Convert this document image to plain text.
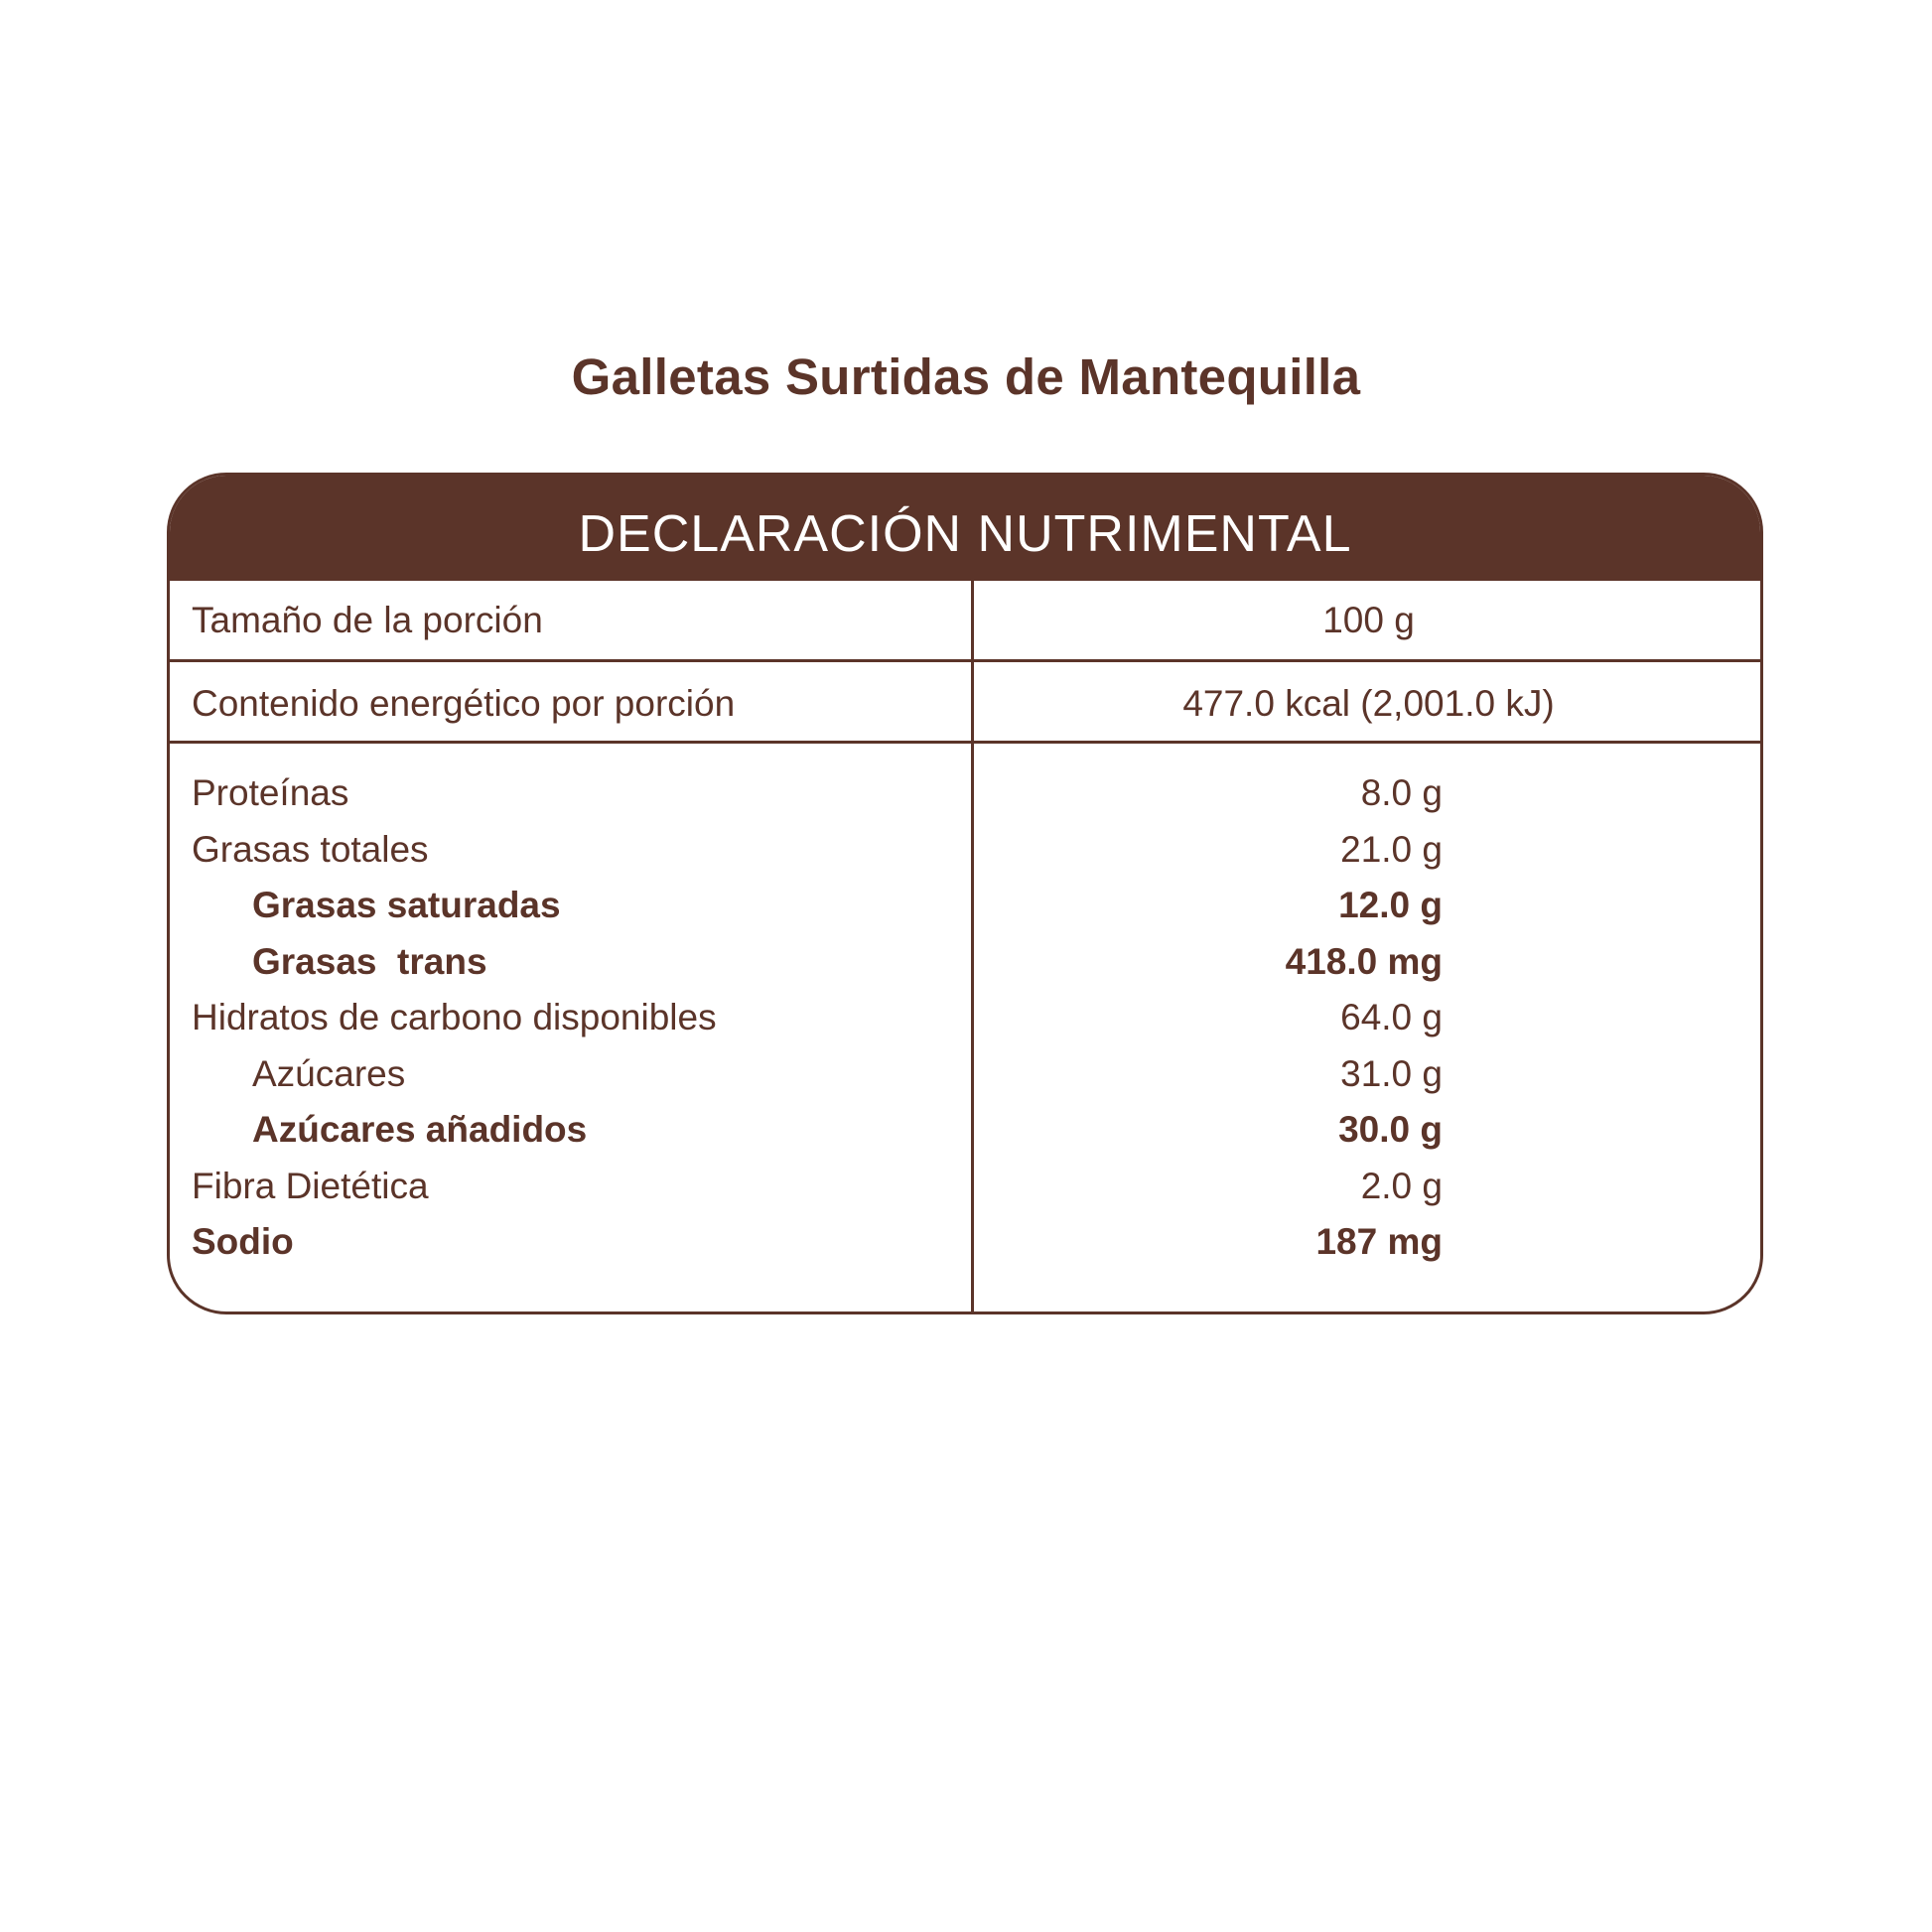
Galletas Surtidas de Mantequilla
DECLARACIÓN NUTRIMENTAL
Tamaño de la porción	100 g
Contenido energético por porción	477.0 kcal (2,001.0 kJ)
Proteínas	8.0 g
Grasas totales	21.0 g
Grasas saturadas	12.0 g
Grasas  trans	418.0 mg
Hidratos de carbono disponibles	64.0 g
Azúcares	31.0 g
Azúcares añadidos	30.0 g
Fibra Dietética	2.0 g
Sodio	187 mg
